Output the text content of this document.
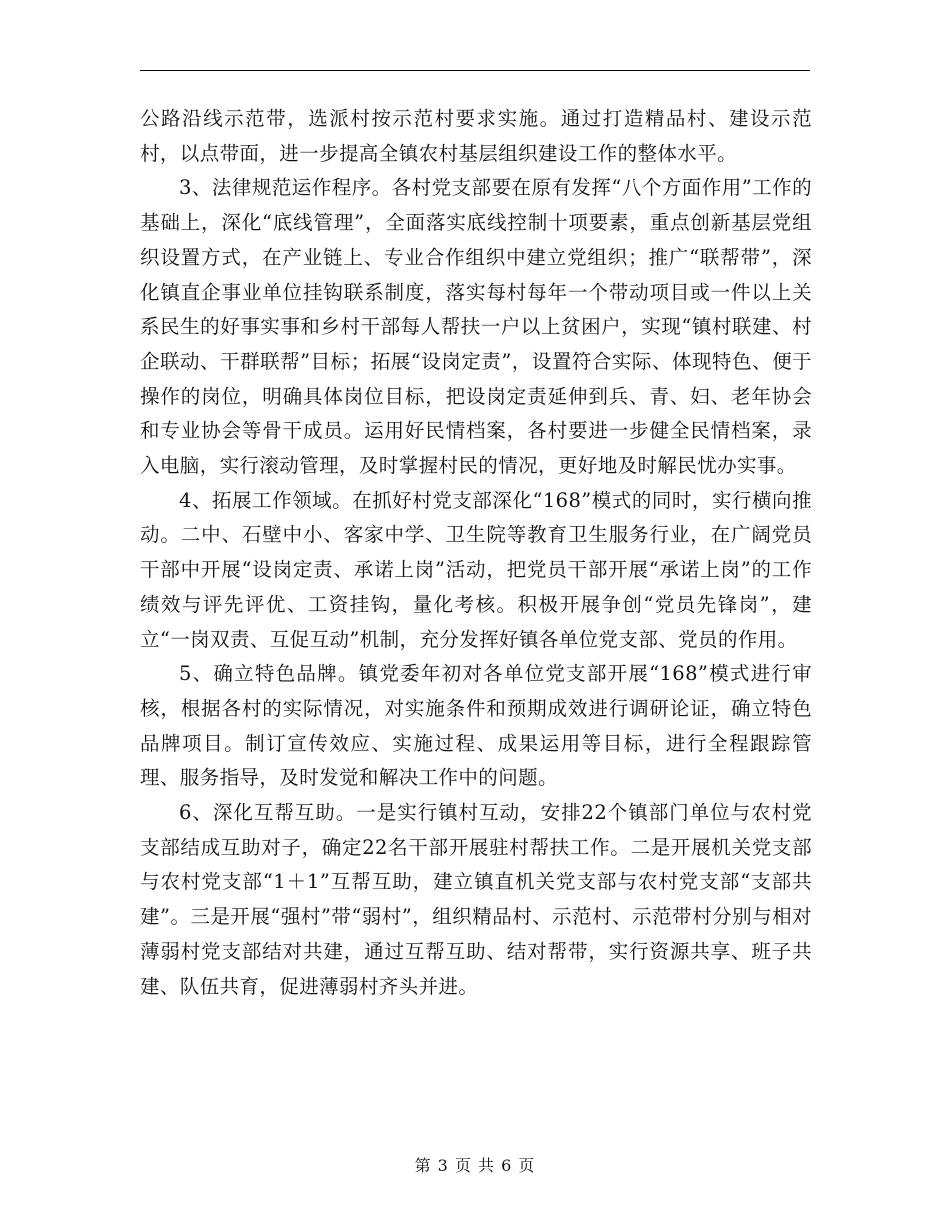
公路沿线示范带，选派村按示范村要求实施。通过打造精品村、建设示范村，以点带面，进一步提高全镇农村基层组织建设工作的整体水平。

3、法律规范运作程序。各村党支部要在原有发挥“八个方面作用”工作的基础上，深化“底线管理”，全面落实底线控制十项要素，重点创新基层党组织设置方式，在产业链上、专业合作组织中建立党组织；推广“联帮带”，深化镇直企事业单位挂钩联系制度，落实每村每年一个带动项目或一件以上关系民生的好事实事和乡村干部每人帮扶一户以上贫困户，实现“镇村联建、村企联动、干群联帮”目标；拓展“设岗定责”，设置符合实际、体现特色、便于操作的岗位，明确具体岗位目标，把设岗定责延伸到兵、青、妇、老年协会和专业协会等骨干成员。运用好民情档案，各村要进一步健全民情档案，录入电脑，实行滚动管理，及时掌握村民的情况，更好地及时解民忧办实事。

4、拓展工作领域。在抓好村党支部深化“168”模式的同时，实行横向推动。二中、石壁中小、客家中学、卫生院等教育卫生服务行业，在广阔党员干部中开展“设岗定责、承诺上岗”活动，把党员干部开展“承诺上岗”的工作绩效与评先评优、工资挂钩，量化考核。积极开展争创“党员先锋岗”，建立“一岗双责、互促互动”机制，充分发挥好镇各单位党支部、党员的作用。

5、确立特色品牌。镇党委年初对各单位党支部开展“168”模式进行审核，根据各村的实际情况，对实施条件和预期成效进行调研论证，确立特色品牌项目。制订宣传效应、实施过程、成果运用等目标，进行全程跟踪管理、服务指导，及时发觉和解决工作中的问题。

6、深化互帮互助。一是实行镇村互动，安排22个镇部门单位与农村党支部结成互助对子，确定22名干部开展驻村帮扶工作。二是开展机关党支部与农村党支部“1＋1”互帮互助，建立镇直机关党支部与农村党支部“支部共建”。三是开展“强村”带“弱村”，组织精品村、示范村、示范带村分别与相对薄弱村党支部结对共建，通过互帮互助、结对帮带，实行资源共享、班子共建、队伍共育，促进薄弱村齐头并进。

第 3 页 共 6 页
